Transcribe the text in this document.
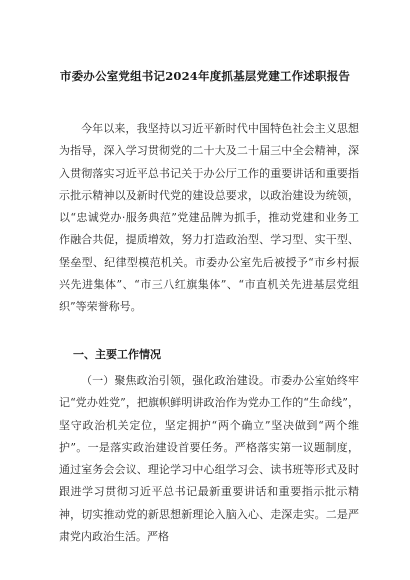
市委办公室党组书记2024年度抓基层党建工作述职报告

今年以来，我坚持以习近平新时代中国特色社会主义思想为指导，深入学习贯彻党的二十大及二十届三中全会精神，深入贯彻落实习近平总书记关于办公厅工作的重要讲话和重要指示批示精神以及新时代党的建设总要求，以政治建设为统领，以“忠诚党办·服务典范”党建品牌为抓手，推动党建和业务工作融合共促，提质增效，努力打造政治型、学习型、实干型、堡垒型、纪律型模范机关。市委办公室先后被授予“市乡村振兴先进集体”、“市三八红旗集体”、“市直机关先进基层党组织”等荣誉称号。

一、主要工作情况

（一）聚焦政治引领，强化政治建设。市委办公室始终牢记“党办姓党”，把旗帜鲜明讲政治作为党办工作的“生命线”，坚守政治机关定位，坚定拥护“两个确立”坚决做到“两个维护”。一是落实政治建设首要任务。严格落实第一议题制度，通过室务会会议、理论学习中心组学习会、读书班等形式及时跟进学习贯彻习近平总书记最新重要讲话和重要指示批示精神，切实推动党的新思想新理论入脑入心、走深走实。二是严肃党内政治生活。严格
